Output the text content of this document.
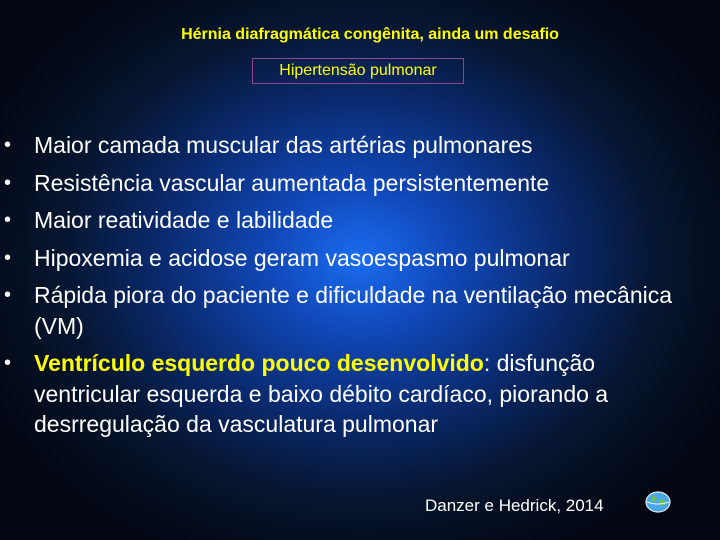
Hérnia diafragmática congênita, ainda um desafio
Hipertensão pulmonar
• Maior camada muscular das artérias pulmonares
• Resistência vascular aumentada persistentemente
• Maior reatividade e labilidade
• Hipoxemia e acidose geram vasoespasmo pulmonar
• Rápida piora do paciente e dificuldade na ventilação mecânica (VM)
• Ventrículo esquerdo pouco desenvolvido: disfunção ventricular esquerda e baixo débito cardíaco, piorando a desrregulação da vasculatura pulmonar
Danzer e Hedrick, 2014
